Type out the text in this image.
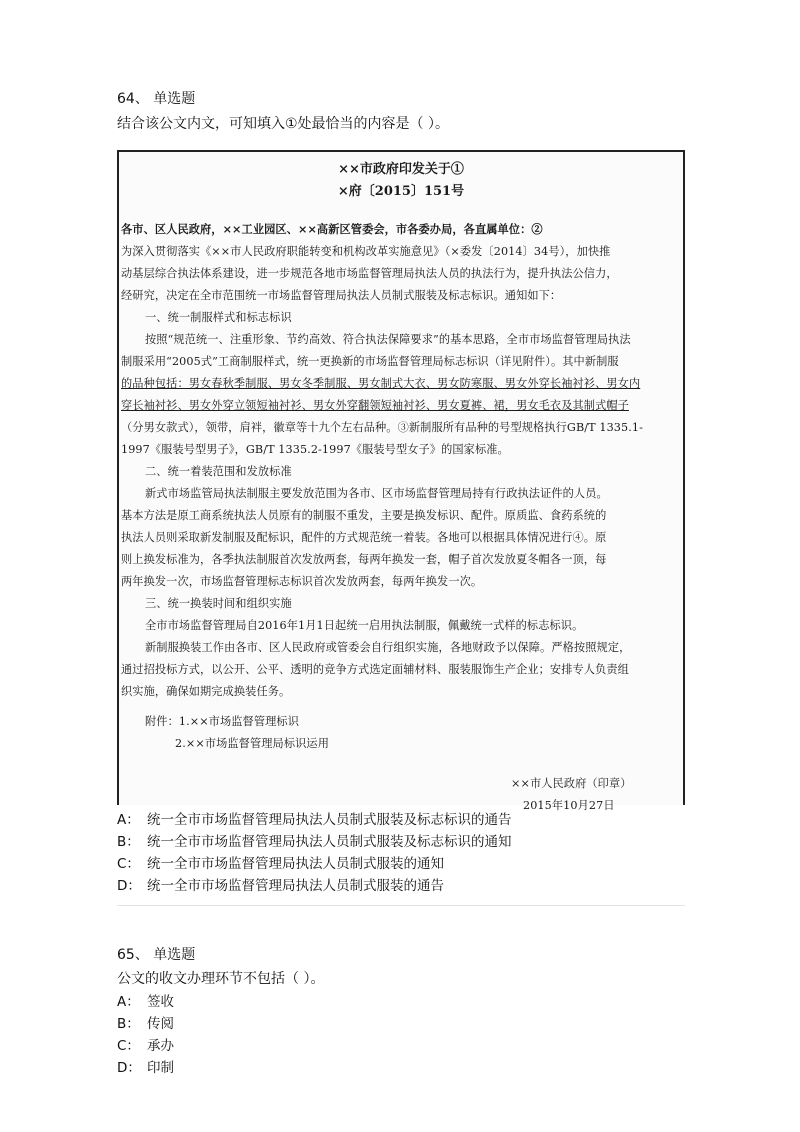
64、 单选题
结合该公文内文，可知填入①处最恰当的内容是（ ）。
××市政府印发关于①
×府〔2015〕151号
各市、区人民政府，××工业园区、××高新区管委会，市各委办局，各直属单位：②
为深入贯彻落实《××市人民政府职能转变和机构改革实施意见》（×委发〔2014〕34号），加快推
动基层综合执法体系建设，进一步规范各地市场监督管理局执法人员的执法行为，提升执法公信力，
经研究，决定在全市范围统一市场监督管理局执法人员制式服装及标志标识。通知如下：
一、统一制服样式和标志标识
按照“规范统一、注重形象、节约高效、符合执法保障要求”的基本思路，全市市场监督管理局执法
制服采用“2005式”工商制服样式，统一更换新的市场监督管理局标志标识（详见附件）。其中新制服
的品种包括：男女春秋季制服、男女冬季制服、男女制式大衣、男女防寒服、男女外穿长袖衬衫、男女内
穿长袖衬衫、男女外穿立领短袖衬衫、男女外穿翻领短袖衬衫、男女夏裤、裙，男女毛衣及其制式帽子
（分男女款式），领带，肩袢，徽章等十九个左右品种。③新制服所有品种的号型规格执行GB/T 1335.1-
1997《服装号型男子》，GB/T 1335.2-1997《服装号型女子》的国家标准。
二、统一着装范围和发放标准
新式市场监管局执法制服主要发放范围为各市、区市场监督管理局持有行政执法证件的人员。
基本方法是原工商系统执法人员原有的制服不重发，主要是换发标识、配件。原质监、食药系统的
执法人员则采取新发制服及配标识，配件的方式规范统一着装。各地可以根据具体情况进行④。原
则上换发标准为，各季执法制服首次发放两套，每两年换发一套，帽子首次发放夏冬帽各一顶，每
两年换发一次，市场监督管理标志标识首次发放两套，每两年换发一次。
三、统一换装时间和组织实施
全市市场监督管理局自2016年1月1日起统一启用执法制服，佩戴统一式样的标志标识。
新制服换装工作由各市、区人民政府或管委会自行组织实施，各地财政予以保障。严格按照规定，
通过招投标方式，以公开、公平、透明的竞争方式选定面辅材料、服装服饰生产企业；安排专人负责组
织实施，确保如期完成换装任务。
附件：1.××市场监督管理标识
2.××市场监督管理局标识运用
××市人民政府（印章）
2015年10月27日
A： 统一全市市场监督管理局执法人员制式服装及标志标识的通告
B： 统一全市市场监督管理局执法人员制式服装及标志标识的通知
C： 统一全市市场监督管理局执法人员制式服装的通知
D： 统一全市市场监督管理局执法人员制式服装的通告
65、 单选题
公文的收文办理环节不包括（ ）。
A： 签收
B： 传阅
C： 承办
D： 印制
